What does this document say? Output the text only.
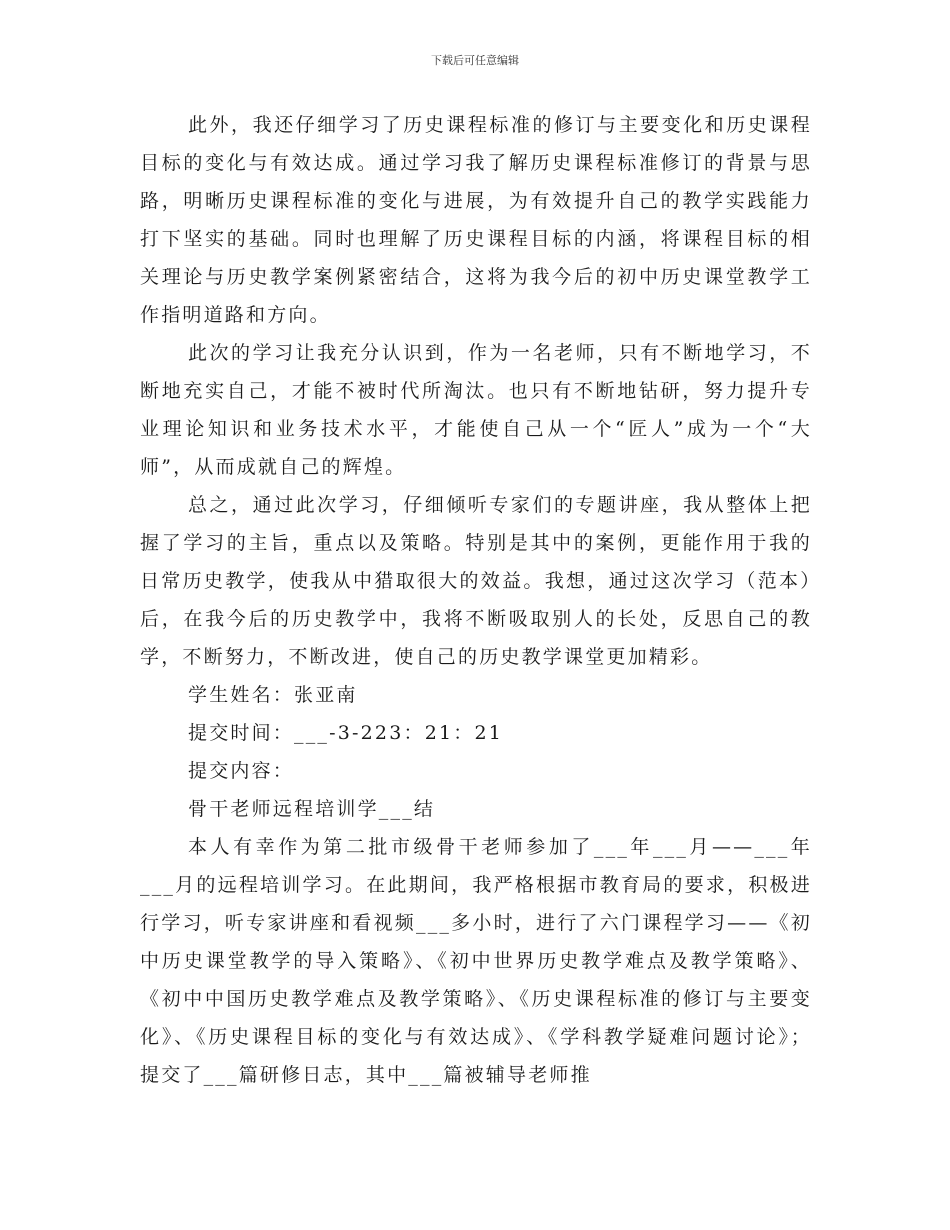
下载后可任意编辑

此外，我还仔细学习了历史课程标准的修订与主要变化和历史课程目标的变化与有效达成。通过学习我了解历史课程标准修订的背景与思路，明晰历史课程标准的变化与进展，为有效提升自己的教学实践能力打下坚实的基础。同时也理解了历史课程目标的内涵，将课程目标的相关理论与历史教学案例紧密结合，这将为我今后的初中历史课堂教学工作指明道路和方向。

此次的学习让我充分认识到，作为一名老师，只有不断地学习，不断地充实自己，才能不被时代所淘汰。也只有不断地钻研，努力提升专业理论知识和业务技术水平，才能使自己从一个“匠人”成为一个“大师”，从而成就自己的辉煌。

总之，通过此次学习，仔细倾听专家们的专题讲座，我从整体上把握了学习的主旨，重点以及策略。特别是其中的案例，更能作用于我的日常历史教学，使我从中猎取很大的效益。我想，通过这次学习（范本）后，在我今后的历史教学中，我将不断吸取别人的长处，反思自己的教学，不断努力，不断改进，使自己的历史教学课堂更加精彩。

学生姓名：张亚南

提交时间：___-3-223：21：21

提交内容：

骨干老师远程培训学___结

本人有幸作为第二批市级骨干老师参加了___年___月——___年___月的远程培训学习。在此期间，我严格根据市教育局的要求，积极进行学习，听专家讲座和看视频___多小时，进行了六门课程学习——《初中历史课堂教学的导入策略》、《初中世界历史教学难点及教学策略》、《初中中国历史教学难点及教学策略》、《历史课程标准的修订与主要变化》、《历史课程目标的变化与有效达成》、《学科教学疑难问题讨论》；提交了___篇研修日志，其中___篇被辅导老师推
